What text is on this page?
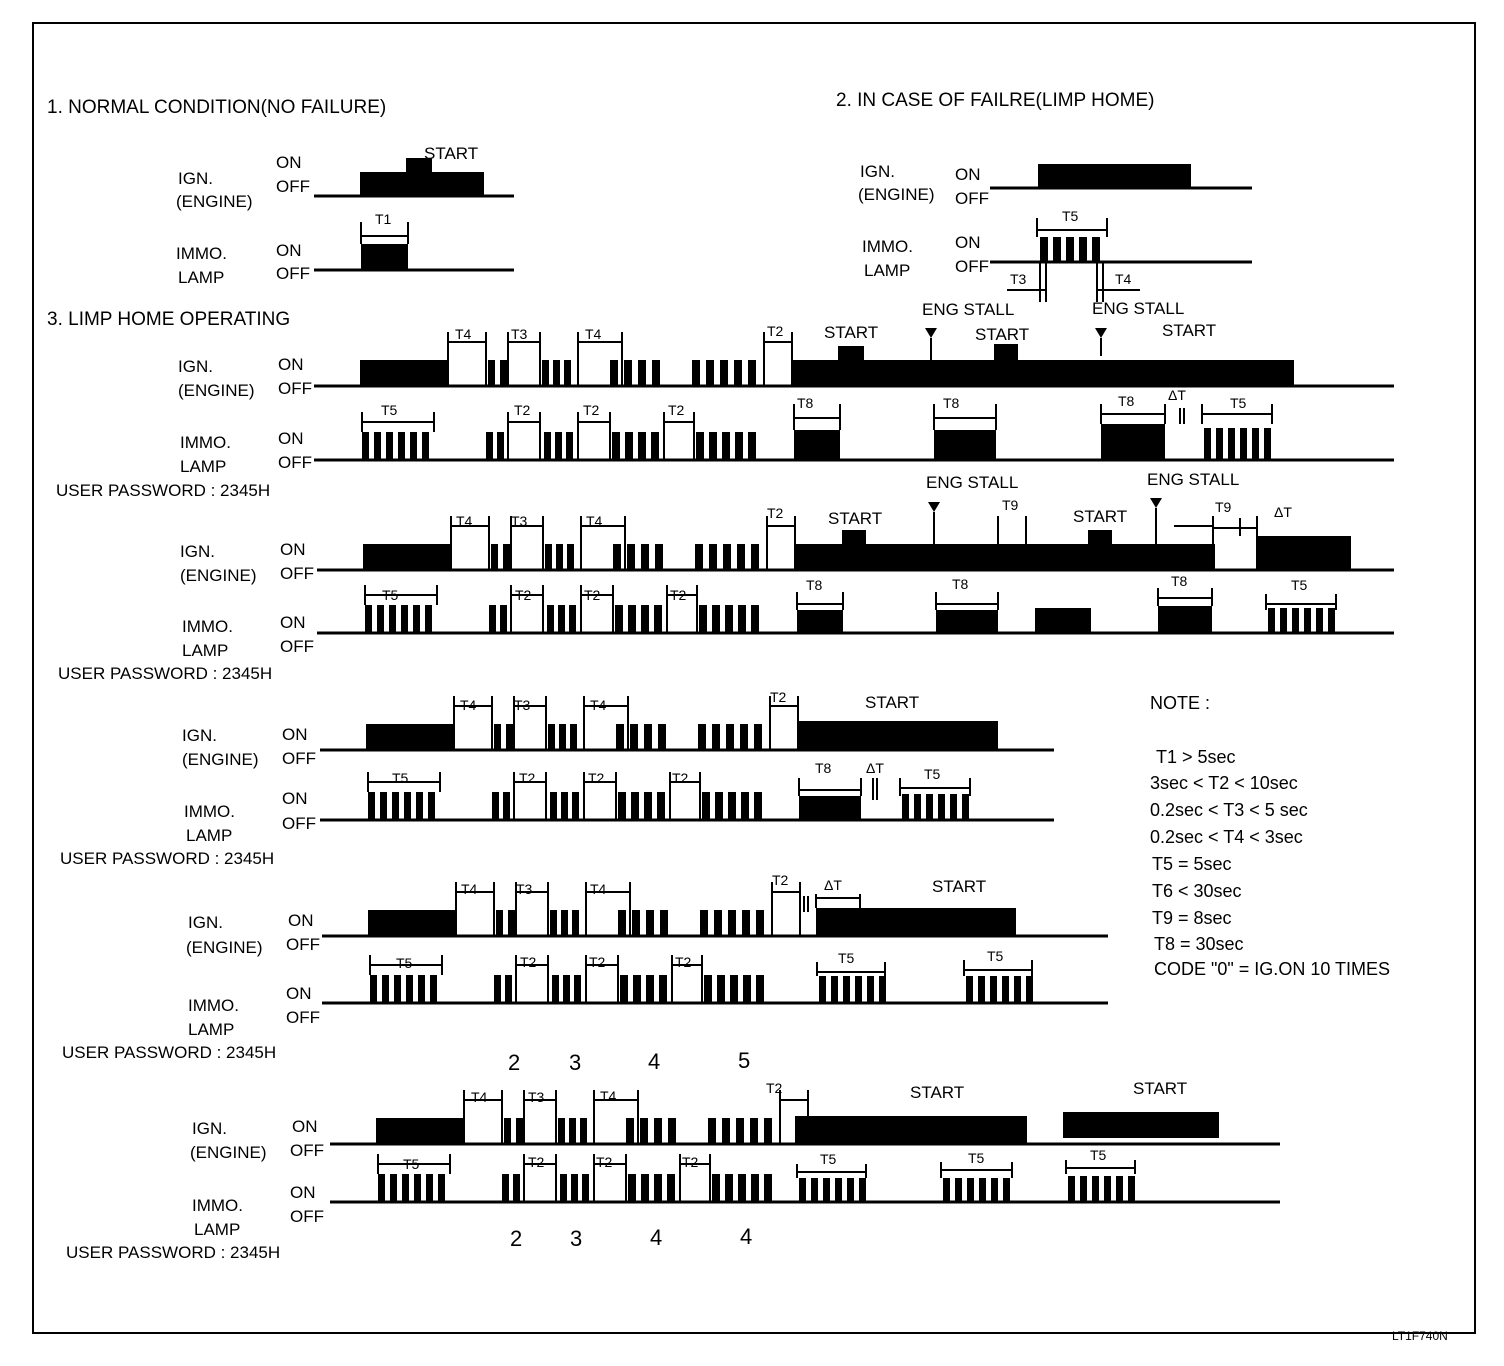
1. NORMAL CONDITION(NO FAILURE)	2. IN CASE OF FAILRE(LIMP HOME)
3. LIMP HOME OPERATING
IGN.
(ENGINE)
ON
OFF
START
IMMO.
LAMP
ON
OFF
T1
IGN.
(ENGINE)
ON
OFF
IMMO.
LAMP
ON
OFF
T5
T3	T4
IGN.
(ENGINE)
ON
OFF
IMMO.
LAMP
ON
OFF
USER PASSWORD : 2345H
T4	T3	T4	T2 START
ENG STALL
START
ENG STALL
START
T5	T2	T2	T2	T8	T8	T8 ΔT	T5
IGN.
(ENGINE)
ON
OFF
IMMO.
LAMP
ON
OFF
USER PASSWORD : 2345H
T4	T3	T4	T2	START
ENG STALL
T9
START
ENG STALL
T9	ΔT
T5	T2	T2	T2
T8	T8	T8	T5
IGN.
(ENGINE)
ON
OFF
IMMO.
LAMP
ON
OFF
USER PASSWORD : 2345H
T4	T3	T4	T2	START
T5	T2	T2	T2
T8 ΔT	T5
IGN.
(ENGINE)
ON
OFF
IMMO.
LAMP
ON
OFF
USER PASSWORD : 2345H
T4	T3	T4
T2	ΔT	START
T5	T2	T2	T2	T5	T5
2 3	4	5
IGN.
(ENGINE)
ON
OFF
IMMO.
LAMP
ON
OFF
USER PASSWORD : 2345H
T4	T3	T4	T2	START	START
T5	T2	T2	T2	T5	T5	T5
2 3	4	4
NOTE :
T1 > 5sec
3sec < T2 < 10sec
0.2sec < T3 < 5 sec
0.2sec < T4 < 3sec
T5 = 5sec
T6 < 30sec
T9 = 8sec
T8 = 30sec
CODE "0" = IG.ON 10 TIMES
LT1F740N
